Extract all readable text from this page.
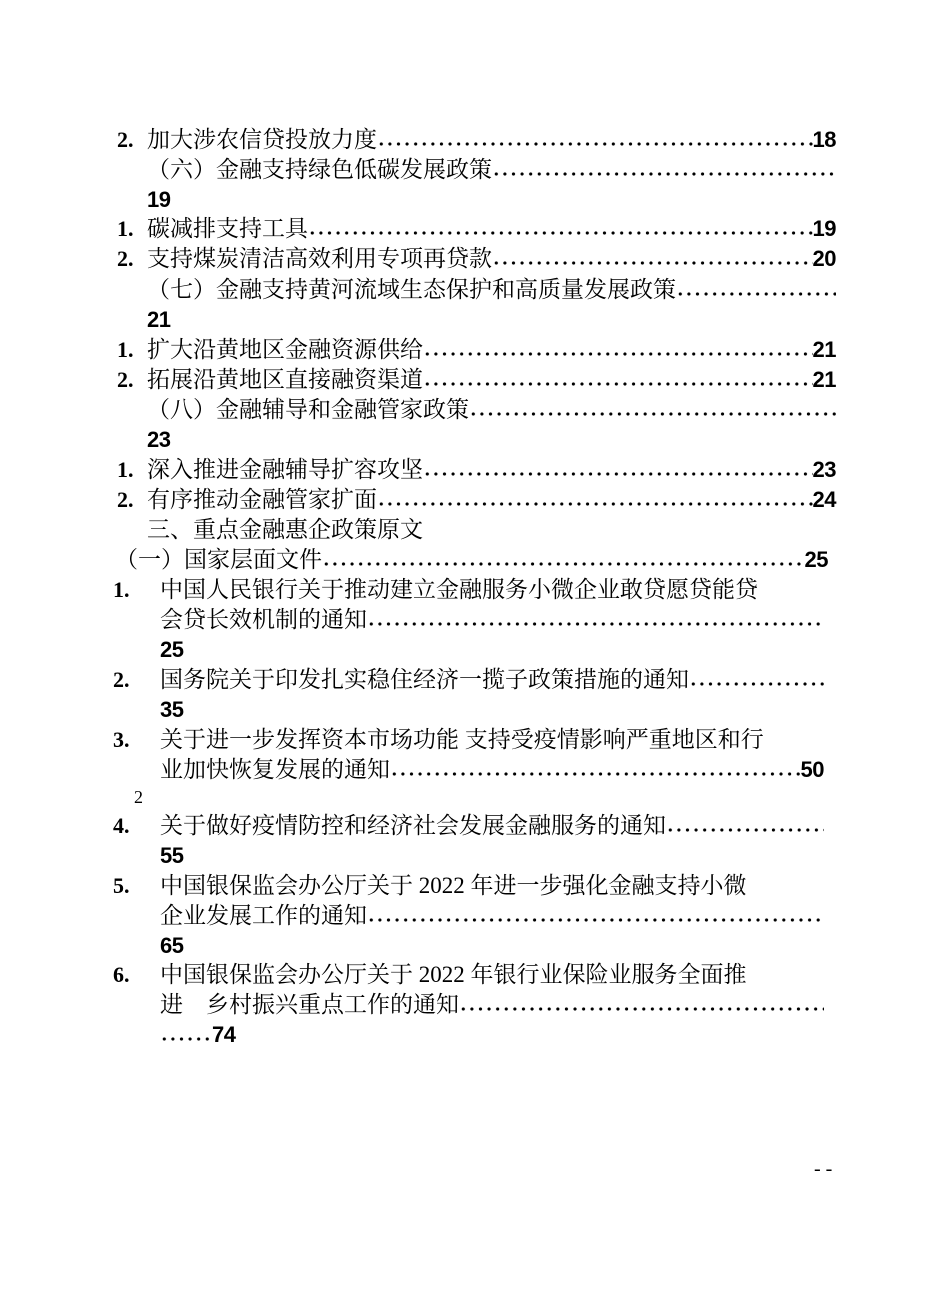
2. 加大涉农信贷投放力度	18
（六）金融支持绿色低碳发展政策
19
1. 碳减排支持工具	19
2. 支持煤炭清洁高效利用专项再贷款	20
（七）金融支持黄河流域生态保护和高质量发展政策
21
1. 扩大沿黄地区金融资源供给	21
2. 拓展沿黄地区直接融资渠道	21
（八）金融辅导和金融管家政策
23
1. 深入推进金融辅导扩容攻坚	23
2. 有序推动金融管家扩面	24
三、重点金融惠企政策原文
（一）国家层面文件	25
1. 中国人民银行关于推动建立金融服务小微企业敢贷愿贷能贷
会贷长效机制的通知
25
2. 国务院关于印发扎实稳住经济一揽子政策措施的通知
35
3. 关于进一步发挥资本市场功能 支持受疫情影响严重地区和行
业加快恢复发展的通知	50
4. 关于做好疫情防控和经济社会发展金融服务的通知
55
5. 中国银保监会办公厅关于 2022 年进一步强化金融支持小微
企业发展工作的通知
65
6. 中国银保监会办公厅关于 2022 年银行业保险业服务全面推
进　乡村振兴重点工作的通知
74
2
- -
